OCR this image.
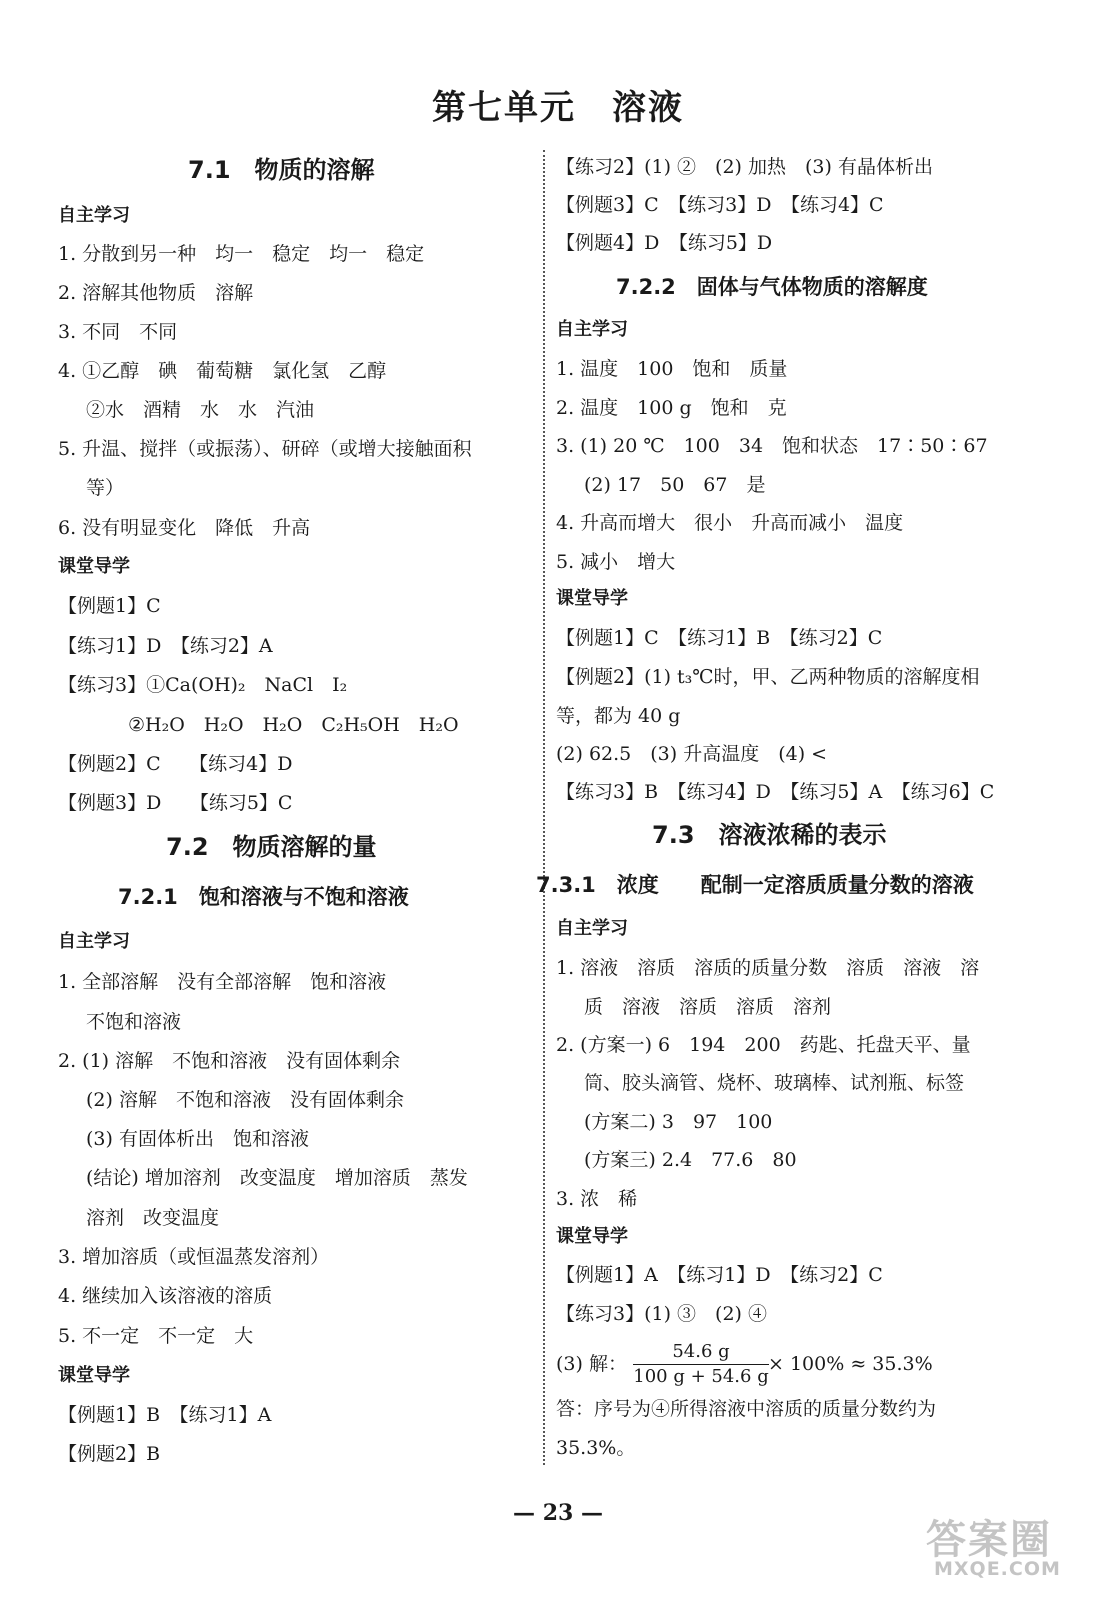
第七单元　溶液
7.1　物质的溶解
自主学习
1. 分散到另一种　均一　稳定　均一　稳定
2. 溶解其他物质　溶解
3. 不同　不同
4. ①乙醇　碘　葡萄糖　氯化氢　乙醇
②水　酒精　水　水　汽油
5. 升温、搅拌（或振荡）、研碎（或增大接触面积
等）
6. 没有明显变化　降低　升高
课堂导学
【例题1】C
【练习1】D　【练习2】A
【练习3】①Ca(OH)₂　NaCl　I₂
②H₂O　H₂O　H₂O　C₂H₅OH　H₂O
【例题2】C　　【练习4】D
【例题3】D　　【练习5】C
7.2　物质溶解的量
7.2.1　饱和溶液与不饱和溶液
自主学习
1. 全部溶解　没有全部溶解　饱和溶液
不饱和溶液
2. (1) 溶解　不饱和溶液　没有固体剩余
(2) 溶解　不饱和溶液　没有固体剩余
(3) 有固体析出　饱和溶液
(结论) 增加溶剂　改变温度　增加溶质　蒸发
溶剂　改变温度
3. 增加溶质（或恒温蒸发溶剂）
4. 继续加入该溶液的溶质
5. 不一定　不一定　大
课堂导学
【例题1】B　【练习1】A
【例题2】B
【练习2】(1) ②　(2) 加热　(3) 有晶体析出
【例题3】C　【练习3】D　【练习4】C
【例题4】D　【练习5】D
7.2.2　固体与气体物质的溶解度
自主学习
1. 温度　100　饱和　质量
2. 温度　100 g　饱和　克
3. (1) 20 ℃　100　34　饱和状态　17∶50∶67
(2) 17　50　67　是
4. 升高而增大　很小　升高而减小　温度
5. 减小　增大
课堂导学
【例题1】C　【练习1】B　【练习2】C
【例题2】(1) t₃℃时，甲、乙两种物质的溶解度相
等，都为 40 g
(2) 62.5　(3) 升高温度　(4) <
【练习3】B　【练习4】D　【练习5】A　【练习6】C
7.3　溶液浓稀的表示
7.3.1　浓度　　配制一定溶质质量分数的溶液
自主学习
1. 溶液　溶质　溶质的质量分数　溶质　溶液　溶
质　溶液　溶质　溶质　溶剂
2. (方案一) 6　194　200　药匙、托盘天平、量
筒、胶头滴管、烧杯、玻璃棒、试剂瓶、标签
(方案二) 3　97　100
(方案三) 2.4　77.6　80
3. 浓　稀
课堂导学
【例题1】A　【练习1】D　【练习2】C
【练习3】(1) ③　(2) ④
(3) 解：	× 100% ≈ 35.3%
答：序号为④所得溶液中溶质的质量分数约为
35.3%。
$\frac{54.6 g}{100 g + 54.6 g}$
— 23 —
答案圈
MXQE.COM
